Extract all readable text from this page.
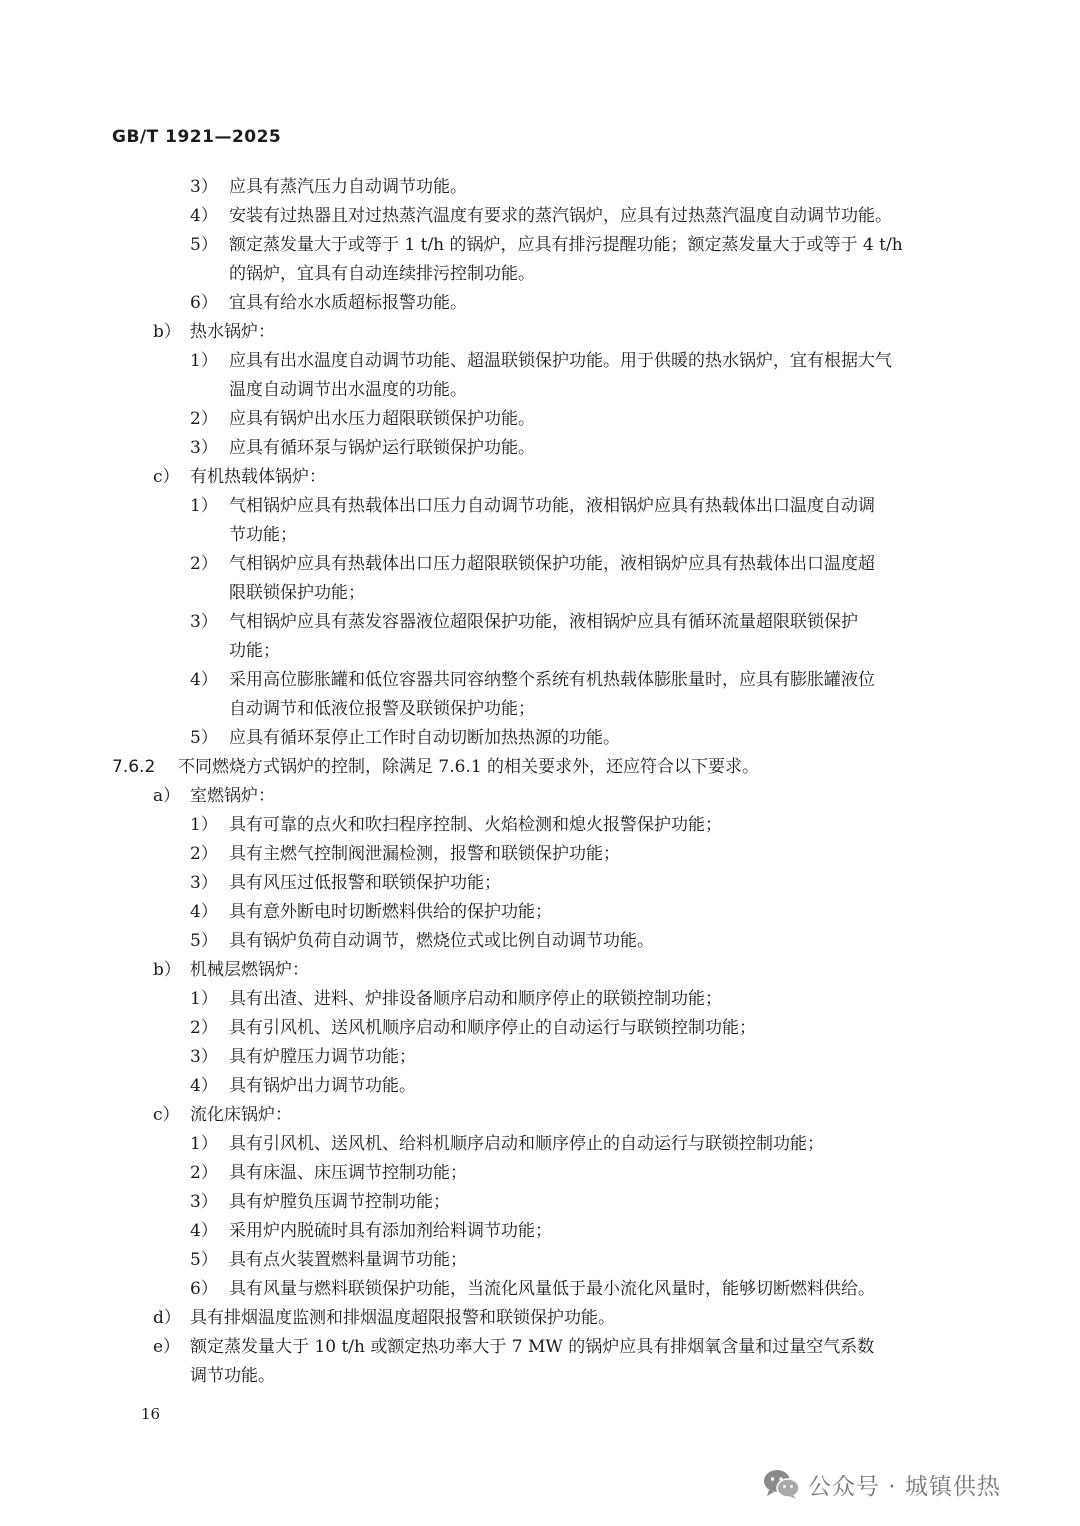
GB/T 1921—2025
3） 应具有蒸汽压力自动调节功能。
4） 安装有过热器且对过热蒸汽温度有要求的蒸汽锅炉，应具有过热蒸汽温度自动调节功能。
5） 额定蒸发量大于或等于 1 t/h 的锅炉，应具有排污提醒功能；额定蒸发量大于或等于 4 t/h
的锅炉，宜具有自动连续排污控制功能。
6） 宜具有给水水质超标报警功能。
b） 热水锅炉：
1） 应具有出水温度自动调节功能、超温联锁保护功能。用于供暖的热水锅炉，宜有根据大气
温度自动调节出水温度的功能。
2） 应具有锅炉出水压力超限联锁保护功能。
3） 应具有循环泵与锅炉运行联锁保护功能。
c） 有机热载体锅炉：
1） 气相锅炉应具有热载体出口压力自动调节功能，液相锅炉应具有热载体出口温度自动调
节功能；
2） 气相锅炉应具有热载体出口压力超限联锁保护功能，液相锅炉应具有热载体出口温度超
限联锁保护功能；
3） 气相锅炉应具有蒸发容器液位超限保护功能，液相锅炉应具有循环流量超限联锁保护
功能；
4） 采用高位膨胀罐和低位容器共同容纳整个系统有机热载体膨胀量时，应具有膨胀罐液位
自动调节和低液位报警及联锁保护功能；
5） 应具有循环泵停止工作时自动切断加热热源的功能。
7.6.2 不同燃烧方式锅炉的控制，除满足 7.6.1 的相关要求外，还应符合以下要求。
a） 室燃锅炉：
1） 具有可靠的点火和吹扫程序控制、火焰检测和熄火报警保护功能；
2） 具有主燃气控制阀泄漏检测，报警和联锁保护功能；
3） 具有风压过低报警和联锁保护功能；
4） 具有意外断电时切断燃料供给的保护功能；
5） 具有锅炉负荷自动调节，燃烧位式或比例自动调节功能。
b） 机械层燃锅炉：
1） 具有出渣、进料、炉排设备顺序启动和顺序停止的联锁控制功能；
2） 具有引风机、送风机顺序启动和顺序停止的自动运行与联锁控制功能；
3） 具有炉膛压力调节功能；
4） 具有锅炉出力调节功能。
c） 流化床锅炉：
1） 具有引风机、送风机、给料机顺序启动和顺序停止的自动运行与联锁控制功能；
2） 具有床温、床压调节控制功能；
3） 具有炉膛负压调节控制功能；
4） 采用炉内脱硫时具有添加剂给料调节功能；
5） 具有点火装置燃料量调节功能；
6） 具有风量与燃料联锁保护功能，当流化风量低于最小流化风量时，能够切断燃料供给。
d） 具有排烟温度监测和排烟温度超限报警和联锁保护功能。
e） 额定蒸发量大于 10 t/h 或额定热功率大于 7 MW 的锅炉应具有排烟氧含量和过量空气系数
调节功能。
16
公众号 · 城镇供热
